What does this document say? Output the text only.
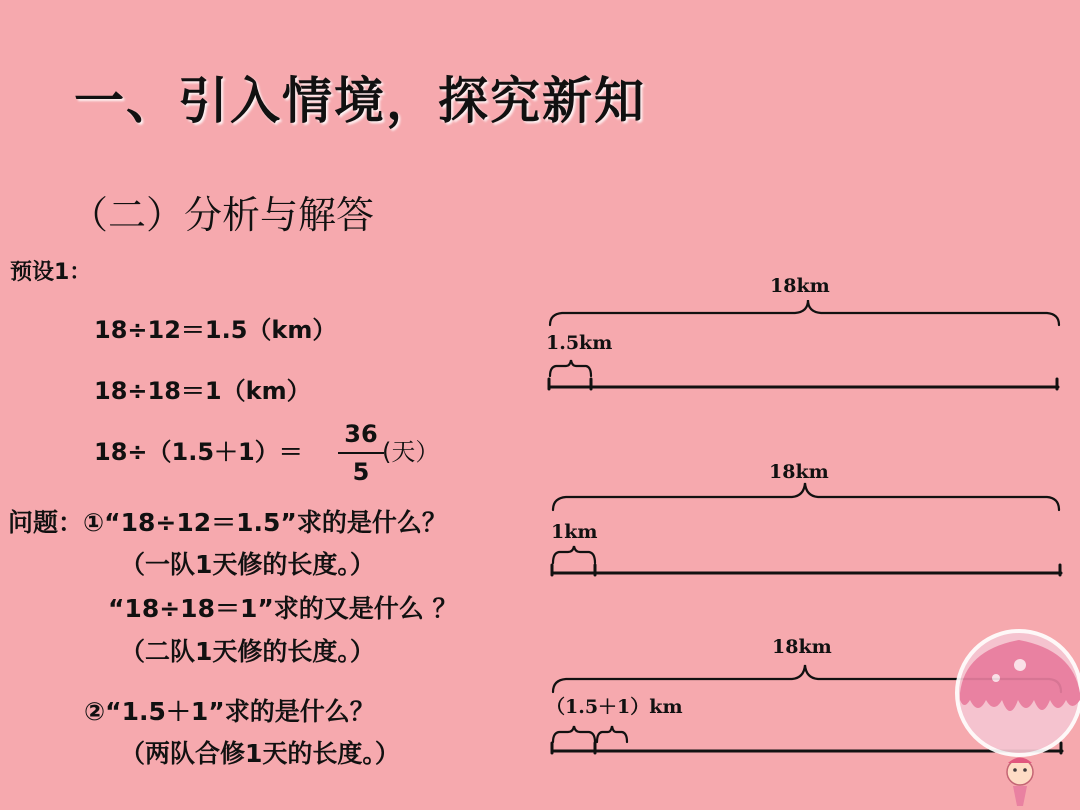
一、引入情境，探究新知
（二）分析与解答
预设1：
18÷12＝1.5（km）
18÷18＝1（km）
18÷（1.5＋1）＝
36
5
(天）
问题：①“18÷12＝1.5”求的是什么？
（一队1天修的长度。）
“18÷18＝1”求的又是什么 ？
（二队1天修的长度。）
②“1.5＋1”求的是什么？
（两队合修1天的长度。）
18km
1.5km
18km
1km
18km
（1.5＋1）km
